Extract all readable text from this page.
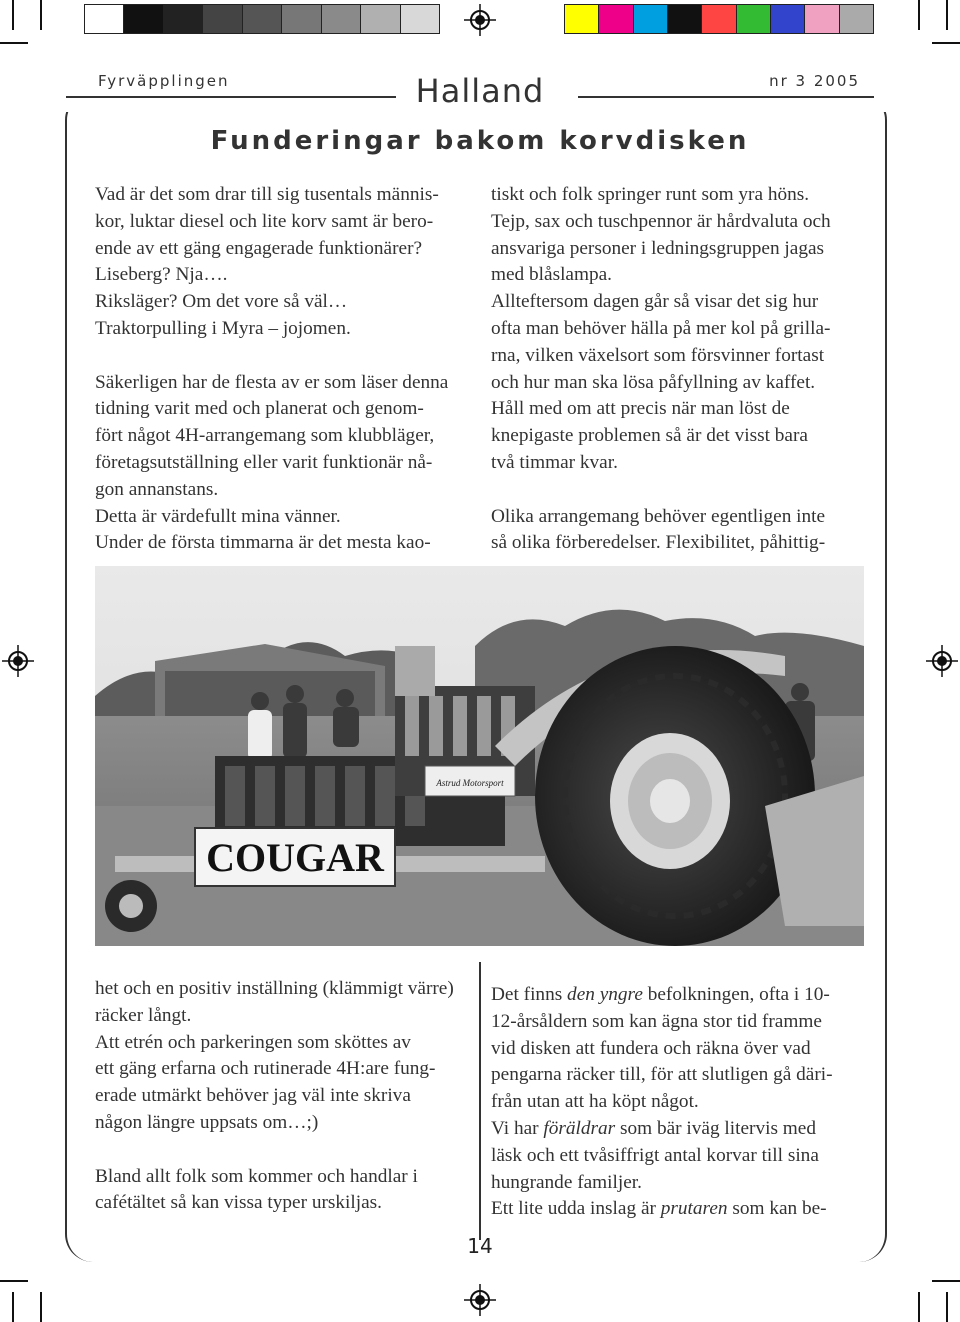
Fyrväpplingen	Halland	nr 3 2005
Funderingar bakom korvdisken

Vad är det som drar till sig tusentals männis-

kor, luktar diesel och lite korv samt är bero-

ende av ett gäng engagerade funktionärer?

Liseberg? Nja….

Riksläger? Om det vore så väl…

Traktorpulling i Myra – jojomen.

Säkerligen har de flesta av er som läser denna

tidning varit med och planerat och genom-

fört något 4H-arrangemang som klubbläger,

företagsutställning eller varit funktionär nå-

gon annanstans.

Detta är värdefullt mina vänner.

Under de första timmarna är det mesta kao-

tiskt och folk springer runt som yra höns.

Tejp, sax och tuschpennor är hårdvaluta och

ansvariga personer i ledningsgruppen jagas

med blåslampa.

Allteftersom dagen går så visar det sig hur

ofta man behöver hälla på mer kol på grilla-

rna, vilken växelsort som försvinner fortast

och hur man ska lösa påfyllning av kaffet.

Håll med om att precis när man löst de

knepigaste problemen så är det visst bara

två timmar kvar.

Olika arrangemang behöver egentligen inte

så olika förberedelser. Flexibilitet, påhittig-

COUGAR
Astrud Motorsport

het och en positiv inställning (klämmigt värre)

räcker långt.

Att etrén och parkeringen som sköttes av

ett gäng erfarna och rutinerade 4H:are fung-

erade utmärkt behöver jag väl inte skriva

någon längre uppsats om…;)

Bland allt folk som kommer och handlar i

cafétältet så kan vissa typer urskiljas.

Det finns den yngre befolkningen, ofta i 10-

12-årsåldern som kan ägna stor tid framme

vid disken att fundera och räkna över vad

pengarna räcker till, för att slutligen gå däri-

från utan att ha köpt något.

Vi har föräldrar som bär iväg litervis med

läsk och ett tvåsiffrigt antal korvar till sina

hungrande familjer.

Ett lite udda inslag är prutaren som kan be-

14
